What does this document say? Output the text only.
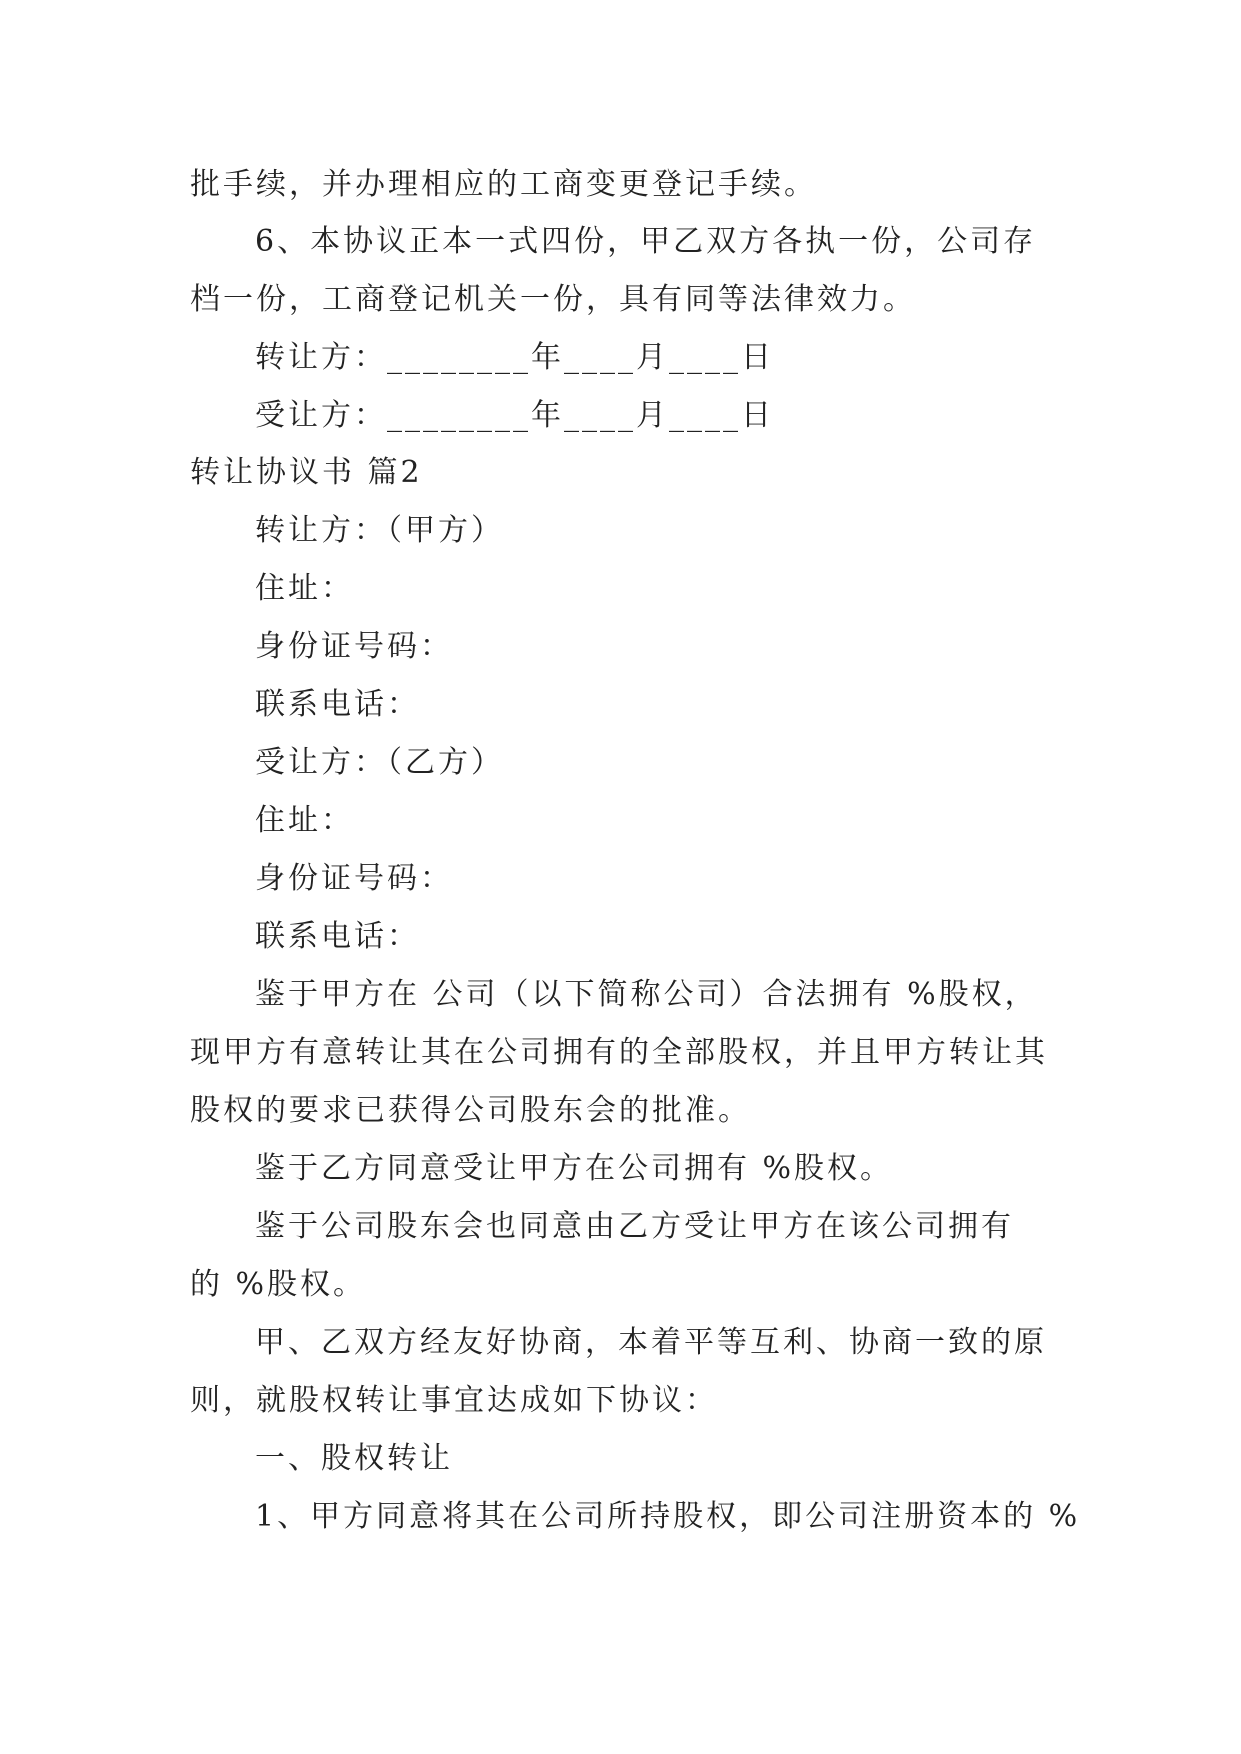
批手续，并办理相应的工商变更登记手续。

6、本协议正本一式四份，甲乙双方各执一份，公司存

档一份，工商登记机关一份，具有同等法律效力。

转让方：________年____月____日

受让方：________年____月____日

转让协议书 篇2

转让方：（甲方）

住址：

身份证号码：

联系电话：

受让方：（乙方）

住址：

身份证号码：

联系电话：

鉴于甲方在 公司（以下简称公司）合法拥有 %股权，

现甲方有意转让其在公司拥有的全部股权，并且甲方转让其

股权的要求已获得公司股东会的批准。

鉴于乙方同意受让甲方在公司拥有 %股权。

鉴于公司股东会也同意由乙方受让甲方在该公司拥有

的 %股权。

甲、乙双方经友好协商，本着平等互利、协商一致的原

则，就股权转让事宜达成如下协议：

一、股权转让

1、甲方同意将其在公司所持股权，即公司注册资本的 %
